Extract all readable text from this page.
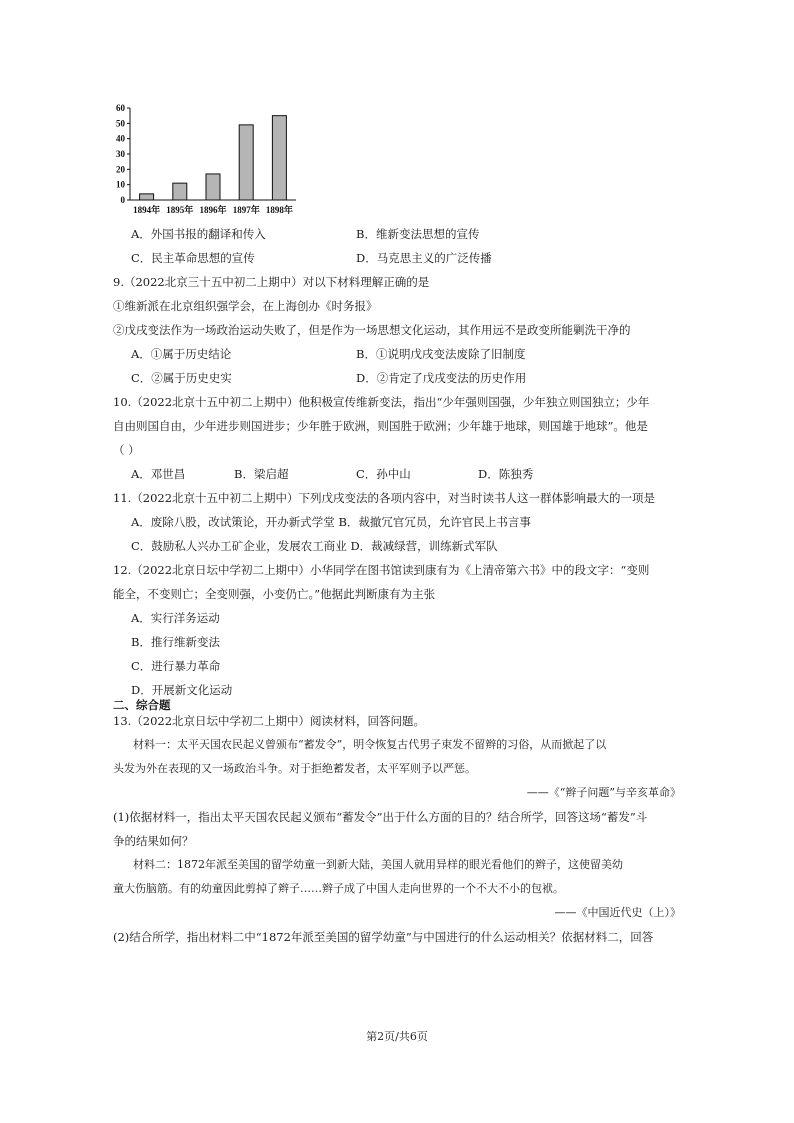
0
10
20
30
40
50
60
1894年 1895年 1896年 1897年 1898年
A．外国书报的翻译和传入	B．维新变法思想的宣传
C．民主革命思想的宣传	D．马克思主义的广泛传播
9.（2022北京三十五中初二上期中）对以下材料理解正确的是
①维新派在北京组织强学会，在上海创办《时务报》
②戊戌变法作为一场政治运动失败了，但是作为一场思想文化运动，其作用远不是政变所能剿洗干净的
A．①属于历史结论	B．①说明戊戌变法废除了旧制度
C．②属于历史史实	D．②肯定了戊戌变法的历史作用
10.（2022北京十五中初二上期中）他积极宣传维新变法，指出“少年强则国强，少年独立则国独立；少年
自由则国自由，少年进步则国进步；少年胜于欧洲，则国胜于欧洲；少年雄于地球，则国雄于地球”。他是
（ ）
A．邓世昌	B．梁启超	C．孙中山	D．陈独秀
11.（2022北京十五中初二上期中）下列戊戌变法的各项内容中，对当时读书人这一群体影响最大的一项是
A．废除八股，改试策论，开办新式学堂 B．裁撤冗官冗员，允许官民上书言事
C．鼓励私人兴办工矿企业，发展农工商业 D．裁减绿营，训练新式军队
12.（2022北京日坛中学初二上期中）小华同学在图书馆读到康有为《上清帝第六书》中的段文字：“变则
能全，不变则亡；全变则强，小变仍亡。”他据此判断康有为主张
A．实行洋务运动
B．推行维新变法
C．进行暴力革命
D．开展新文化运动
二、综合题
13.（2022北京日坛中学初二上期中）阅读材料，回答问题。
材料一：太平天国农民起义曾颁布“蓄发令”，明令恢复古代男子束发不留辫的习俗，从而掀起了以
头发为外在表现的又一场政治斗争。对于拒绝蓄发者，太平军则予以严惩。
——《“辫子问题”与辛亥革命》
(1)依据材料一，指出太平天国农民起义颁布“蓄发令”出于什么方面的目的？结合所学，回答这场“蓄发”斗
争的结果如何？
材料二：1872年派至美国的留学幼童一到新大陆，美国人就用异样的眼光看他们的辫子，这使留美幼
童大伤脑筋。有的幼童因此剪掉了辫子……辫子成了中国人走向世界的一个不大不小的包袱。
——《中国近代史（上）》
(2)结合所学，指出材料二中“1872年派至美国的留学幼童”与中国进行的什么运动相关？依据材料二，回答
第2页/共6页
